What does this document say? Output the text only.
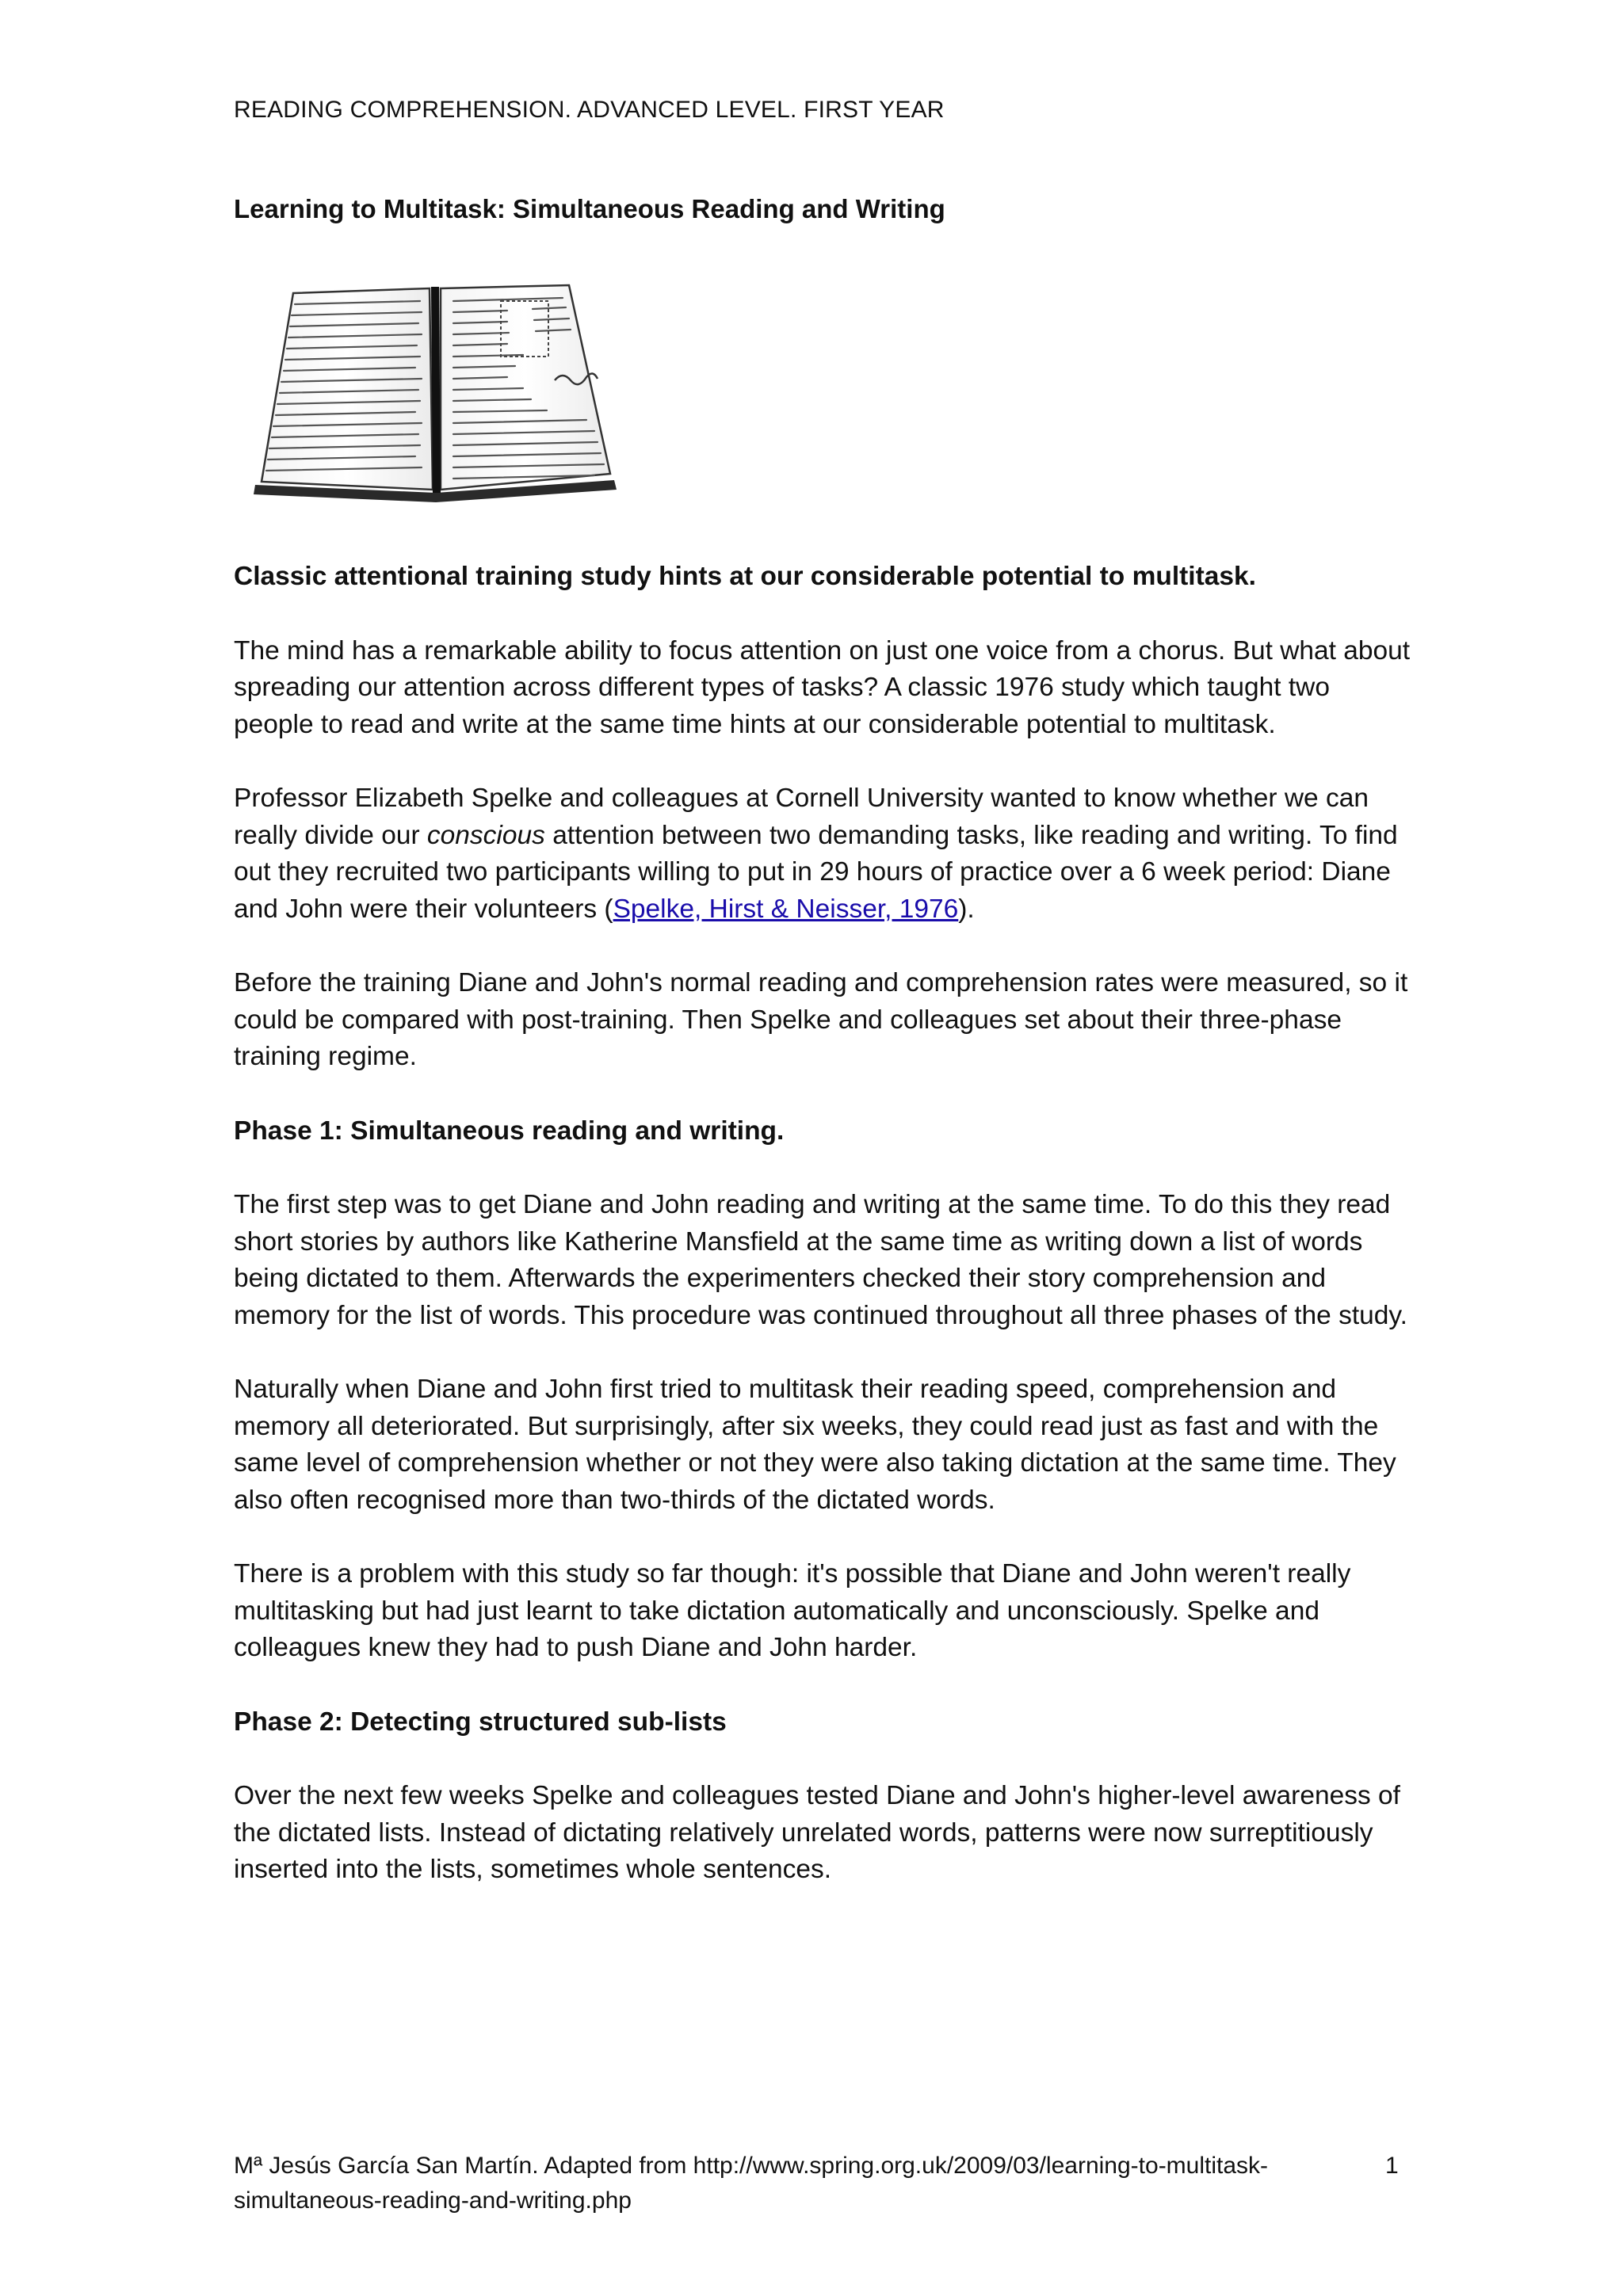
READING COMPREHENSION. ADVANCED LEVEL. FIRST YEAR
Learning to Multitask: Simultaneous Reading and Writing

Classic attentional training study hints at our considerable potential to multitask.

The mind has a remarkable ability to focus attention on just one voice from a chorus. But what about spreading our attention across different types of tasks? A classic 1976 study which taught two people to read and write at the same time hints at our considerable potential to multitask.

Professor Elizabeth Spelke and colleagues at Cornell University wanted to know whether we can really divide our conscious attention between two demanding tasks, like reading and writing. To find out they recruited two participants willing to put in 29 hours of practice over a 6 week period: Diane and John were their volunteers (Spelke, Hirst & Neisser, 1976).

Before the training Diane and John's normal reading and comprehension rates were measured, so it could be compared with post-training. Then Spelke and colleagues set about their three-phase training regime.

Phase 1: Simultaneous reading and writing.

The first step was to get Diane and John reading and writing at the same time. To do this they read short stories by authors like Katherine Mansfield at the same time as writing down a list of words being dictated to them. Afterwards the experimenters checked their story comprehension and memory for the list of words. This procedure was continued throughout all three phases of the study.

Naturally when Diane and John first tried to multitask their reading speed, comprehension and memory all deteriorated. But surprisingly, after six weeks, they could read just as fast and with the same level of comprehension whether or not they were also taking dictation at the same time. They also often recognised more than two-thirds of the dictated words.

There is a problem with this study so far though: it's possible that Diane and John weren't really multitasking but had just learnt to take dictation automatically and unconsciously. Spelke and colleagues knew they had to push Diane and John harder.

Phase 2: Detecting structured sub-lists

Over the next few weeks Spelke and colleagues tested Diane and John's higher-level awareness of the dictated lists. Instead of dictating relatively unrelated words, patterns were now surreptitiously inserted into the lists, sometimes whole sentences.

Mª Jesús García San Martín. Adapted from http://www.spring.org.uk/2009/03/learning-to-multitask-simultaneous-reading-and-writing.php
1
